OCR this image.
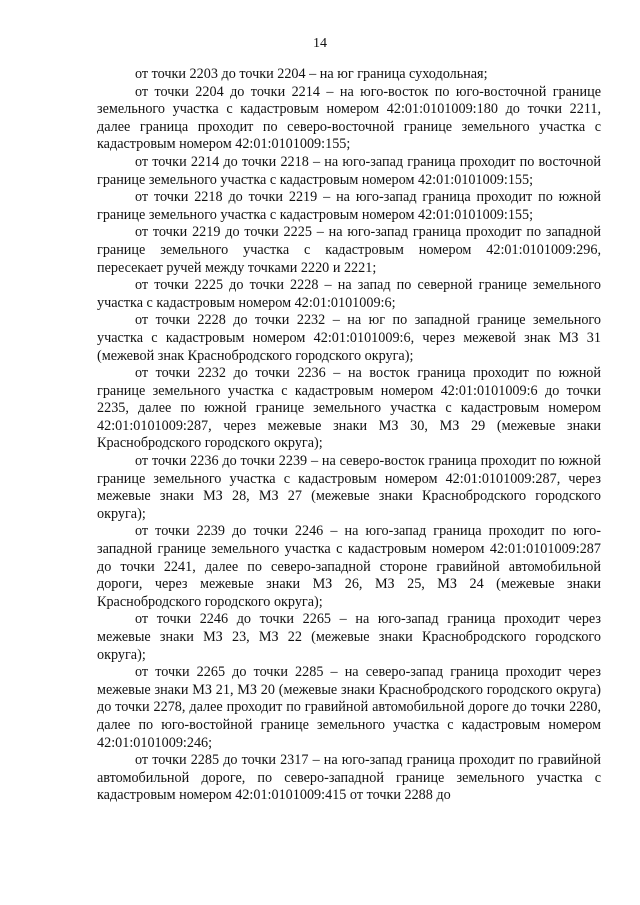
14

от точки 2203 до точки 2204 – на юг граница суходольная;

от точки 2204 до точки 2214 – на юго-восток по юго-восточной границе земельного участка с кадастровым номером 42:01:0101009:180 до точки 2211, далее граница проходит по северо-восточной границе земельного участка с кадастровым номером 42:01:0101009:155;

от точки 2214 до точки 2218 – на юго-запад граница проходит по восточной границе земельного участка с кадастровым номером 42:01:0101009:155;

от точки 2218 до точки 2219 – на юго-запад граница проходит по южной границе земельного участка с кадастровым номером 42:01:0101009:155;

от точки 2219 до точки 2225 – на юго-запад граница проходит по западной границе земельного участка с кадастровым номером 42:01:0101009:296, пересекает ручей между точками 2220 и 2221;

от точки 2225 до точки 2228 – на запад по северной границе земельного участка с кадастровым номером 42:01:0101009:6;

от точки 2228 до точки 2232 – на юг по западной границе земельного участка с кадастровым номером 42:01:0101009:6, через межевой знак МЗ 31 (межевой знак Краснобродского городского округа);

от точки 2232 до точки 2236 – на восток граница проходит по южной границе земельного участка с кадастровым номером 42:01:0101009:6 до точки 2235, далее по южной границе земельного участка с кадастровым номером 42:01:0101009:287, через межевые знаки МЗ 30, МЗ 29 (межевые знаки Краснобродского городского округа);

от точки 2236 до точки 2239 – на северо-восток граница проходит по южной границе земельного участка с кадастровым номером 42:01:0101009:287, через межевые знаки МЗ 28, МЗ 27 (межевые знаки Краснобродского городского округа);

от точки 2239 до точки 2246 – на юго-запад граница проходит по юго-западной границе земельного участка с кадастровым номером 42:01:0101009:287 до точки 2241, далее по северо-западной стороне гравийной автомобильной дороги, через межевые знаки МЗ 26, МЗ 25, МЗ 24 (межевые знаки Краснобродского городского округа);

от точки 2246 до точки 2265 – на юго-запад граница проходит через межевые знаки МЗ 23, МЗ 22 (межевые знаки Краснобродского городского округа);

от точки 2265 до точки 2285 – на северо-запад граница проходит через межевые знаки МЗ 21, МЗ 20 (межевые знаки Краснобродского городского округа) до точки 2278, далее проходит по гравийной автомобильной дороге до точки 2280, далее по юго-востойной границе земельного участка с кадастровым номером 42:01:0101009:246;

от точки 2285 до точки 2317 – на юго-запад граница проходит по гравийной автомобильной дороге, по северо-западной границе земельного участка с кадастровым номером 42:01:0101009:415 от точки 2288 до
